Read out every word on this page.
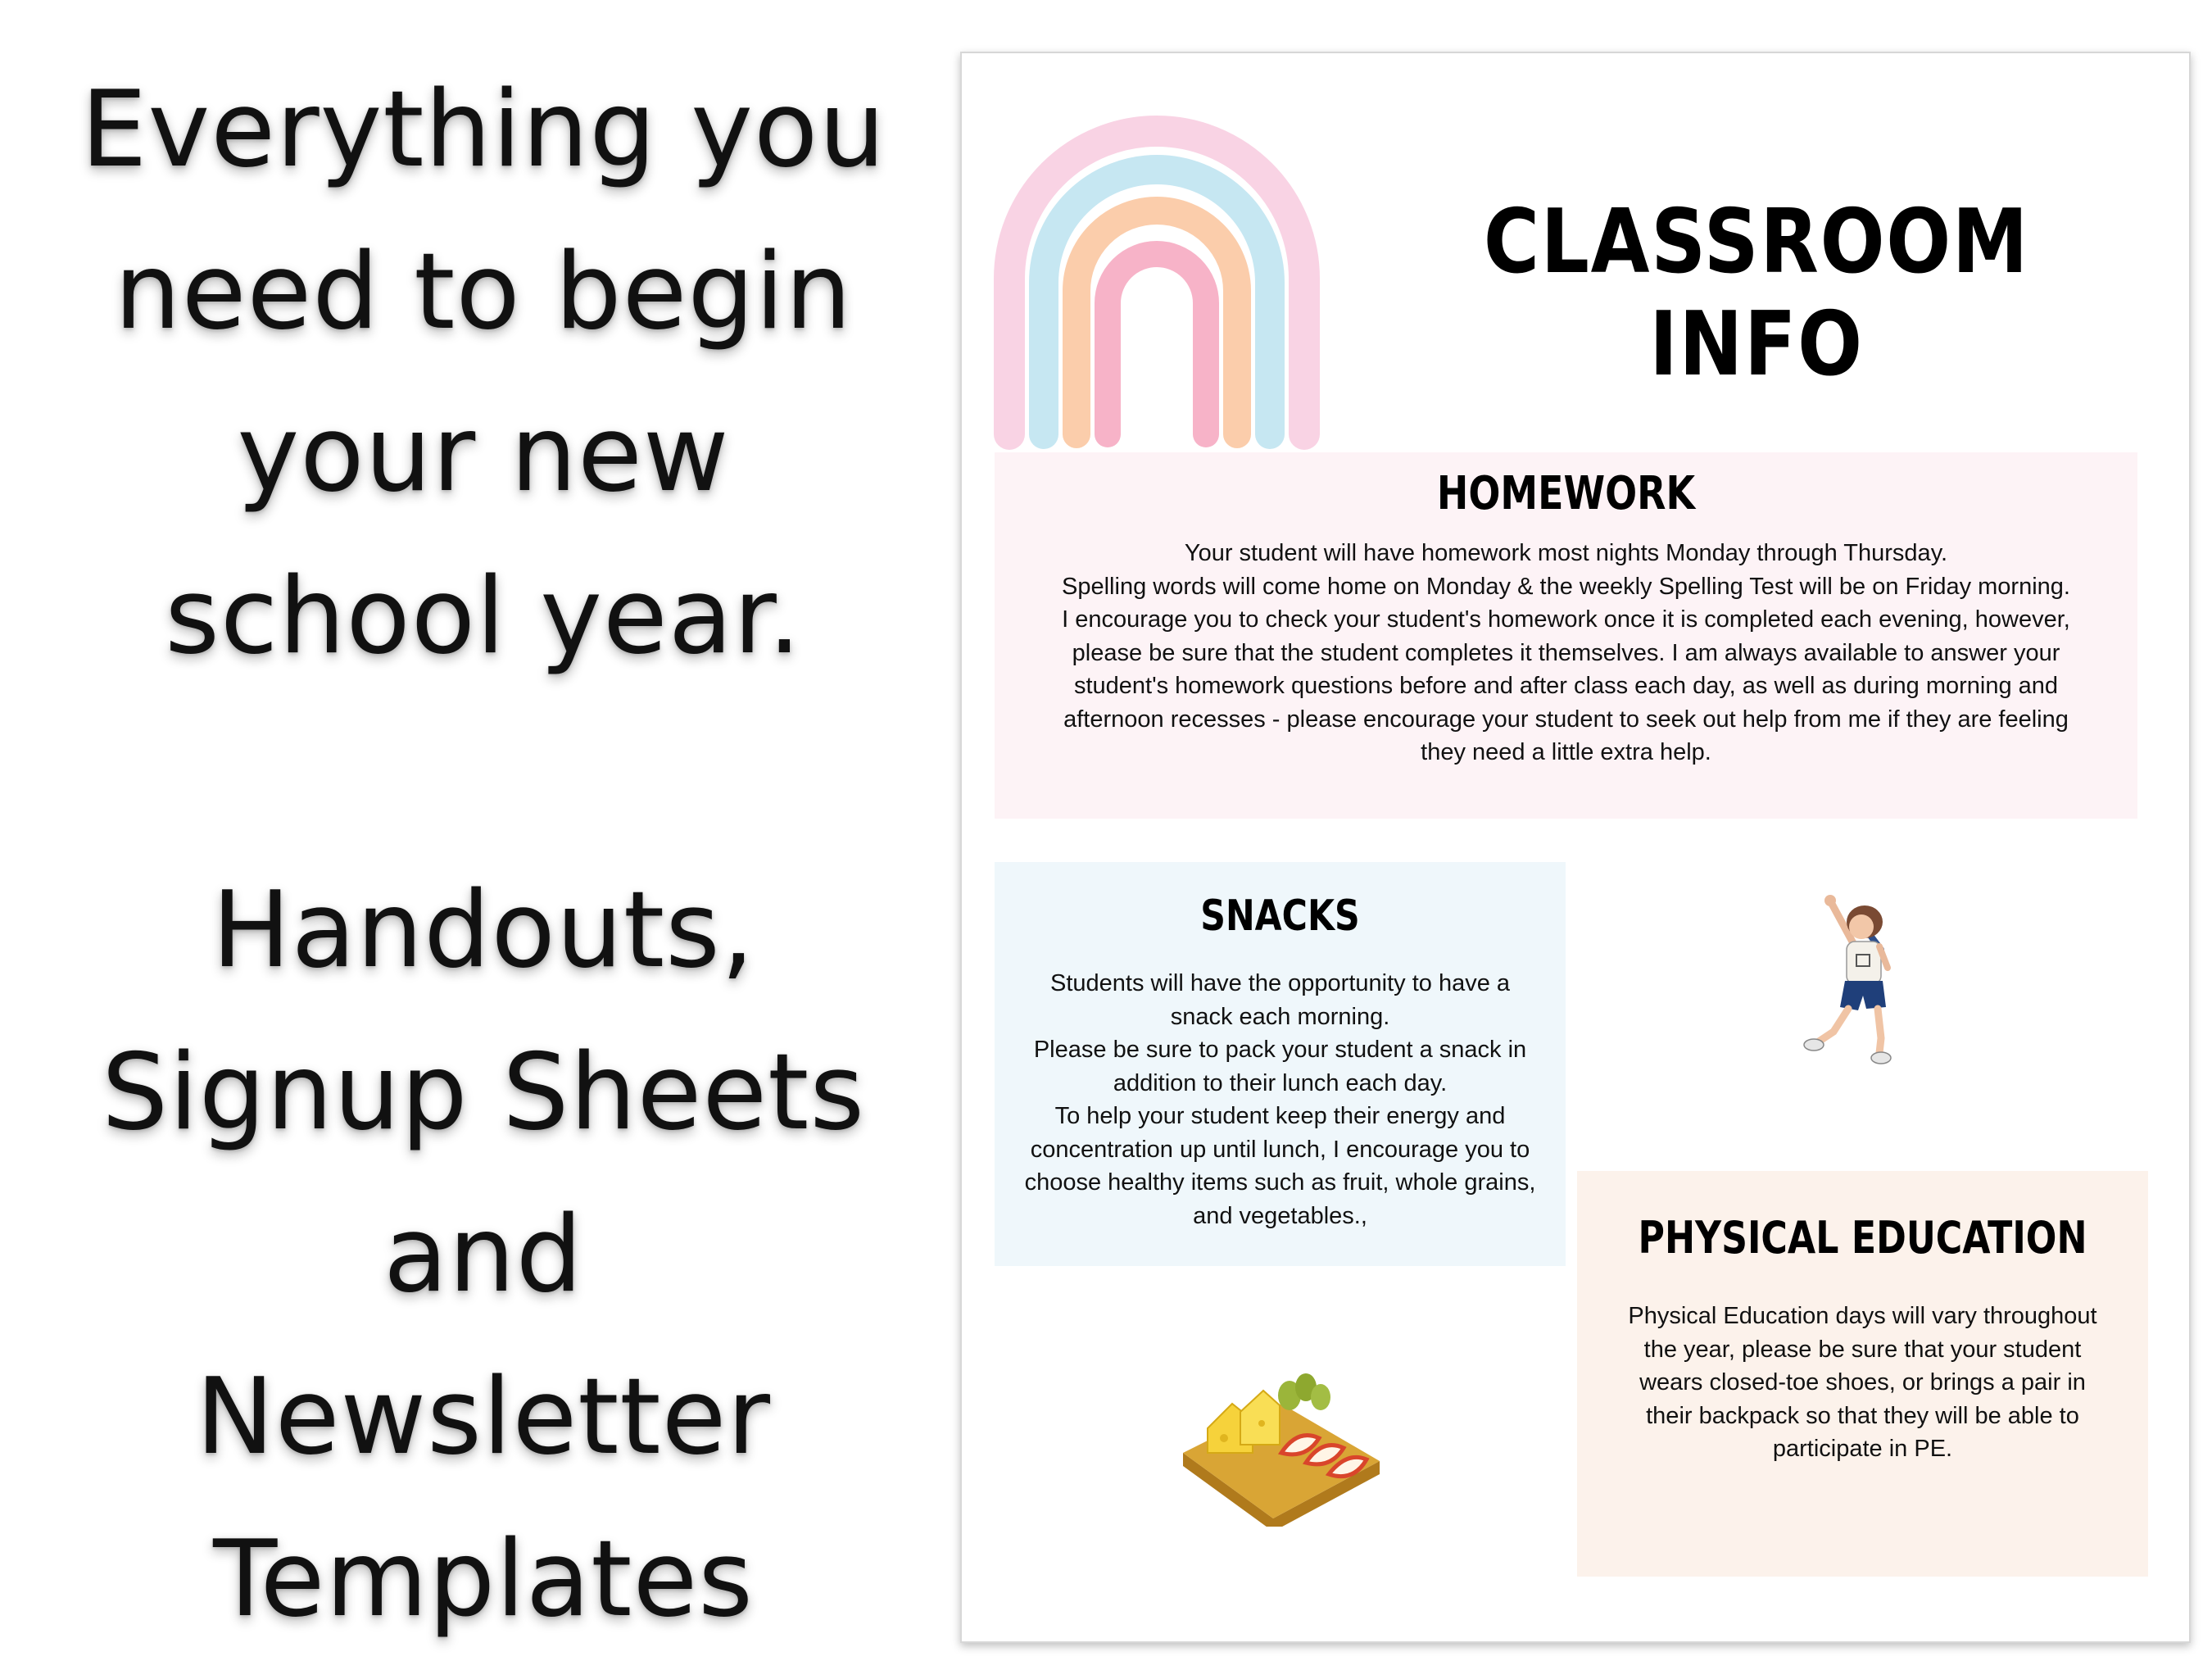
Everything you
need to begin
your new
school year.
Handouts,
Signup Sheets
and
Newsletter
Templates
CLASSROOM INFO
HOMEWORK

Your student will have homework most nights Monday through Thursday.
Spelling words will come home on Monday & the weekly Spelling Test will be on Friday morning.
I encourage you to check your student's homework once it is completed each evening, however,
please be sure that the student completes it themselves. I am always available to answer your
student's homework questions before and after class each day, as well as during morning and
afternoon recesses - please encourage your student to seek out help from me if they are feeling
they need a little extra help.

SNACKS

Students will have the opportunity to have a
snack each morning.
Please be sure to pack your student a snack in
addition to their lunch each day.
To help your student keep their energy and
concentration up until lunch, I encourage you to
choose healthy items such as fruit, whole grains,
and vegetables.,	PHYSICAL EDUCATION

Physical Education days will vary throughout
the year, please be sure that your student
wears closed-toe shoes, or brings a pair in
their backpack so that they will be able to
participate in PE.
